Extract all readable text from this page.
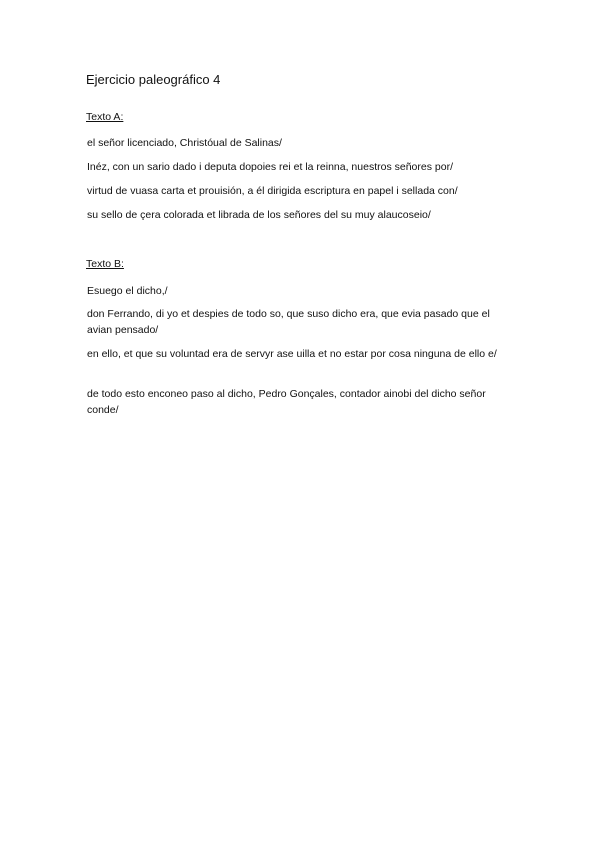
Ejercicio paleográfico 4
Texto A:
el señor licenciado, Christóual de Salinas/
Inéz, con un sario dado i deputa dopoies rei et la reinna, nuestros señores por/
virtud de vuasa carta et prouisión, a él dirigida escriptura en papel i sellada con/
su sello de çera colorada et librada de los señores del su muy alaucoseio/
Texto B:
Esuego el dicho,/
don Ferrando, di yo et despies de todo so, que suso dicho era, que evia pasado que el avian pensado/
en ello, et que su voluntad era de servyr ase uilla et no estar por cosa ninguna de ello e/
de todo esto enconeo paso al dicho, Pedro Gonçales, contador ainobi del dicho señor conde/
